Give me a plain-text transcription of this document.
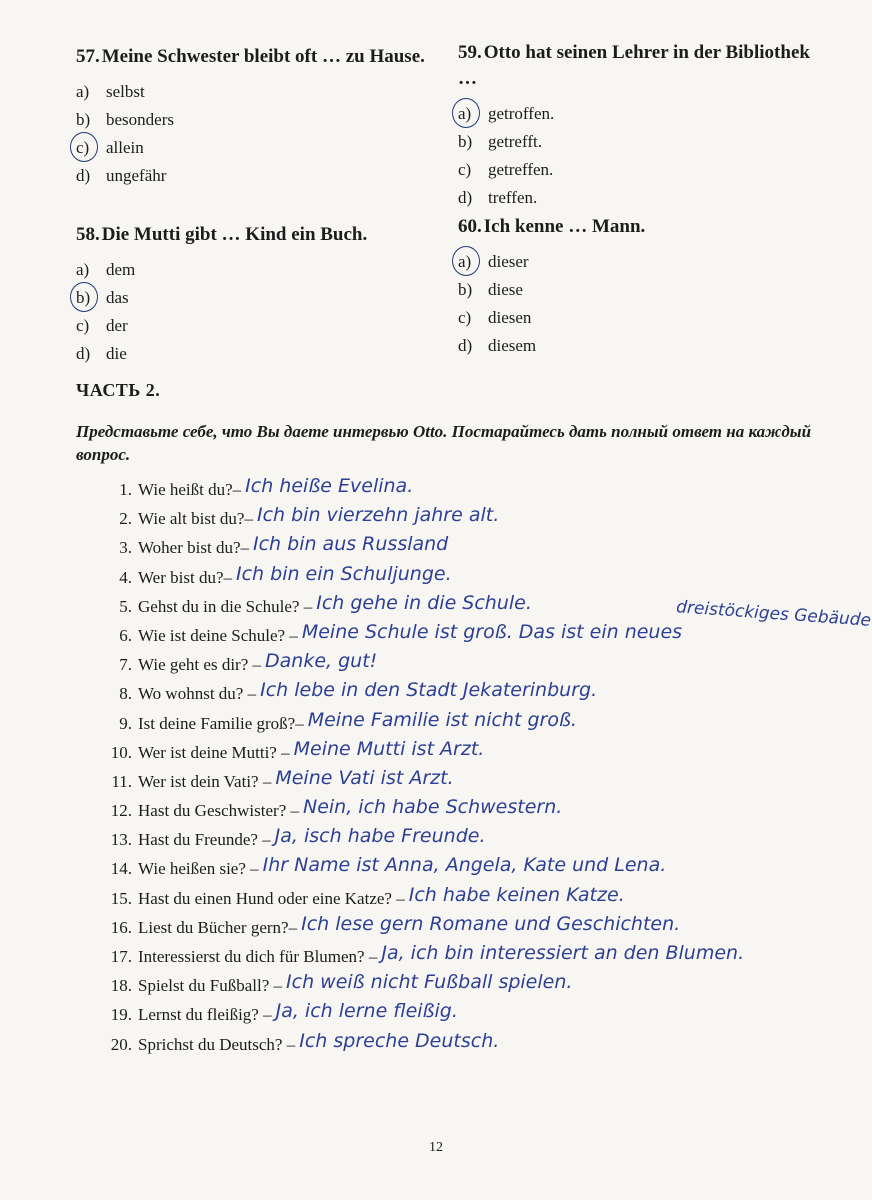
57. Meine Schwester bleibt oft … zu Hause.
a) selbst
b) besonders
c) allein
d) ungefähr
58. Die Mutti gibt … Kind ein Buch.
a) dem
b) das
c) der
d) die
59. Otto hat seinen Lehrer in der Bibliothek …
a) getroffen.
b) getrefft.
c) getreffen.
d) treffen.
60. Ich kenne … Mann.
a) dieser
b) diese
c) diesen
d) diesem
ЧАСТЬ 2.
Представьте себе, что Вы даете интервью Otto. Постарайтесь дать полный ответ на каждый вопрос.
1. Wie heißt du?– Ich heiße Evelina.
2. Wie alt bist du?– Ich bin vierzehn jahre alt.
3. Woher bist du?– Ich bin aus Russland
4. Wer bist du?– Ich bin ein Schuljunge.
5. Gehst du in die Schule? – Ich gehe in die Schule.
6. Wie ist deine Schule? – Meine Schule ist groß. Das ist ein neues
7. Wie geht es dir? – Danke, gut!
8. Wo wohnst du? – Ich lebe in den Stadt Jekaterinburg.
9. Ist deine Familie groß?– Meine Familie ist nicht groß.
10. Wer ist deine Mutti? – Meine Mutti ist Arzt.
11. Wer ist dein Vati? – Meine Vati ist Arzt.
12. Hast du Geschwister? – Nein, ich habe Schwestern.
13. Hast du Freunde? – Ja, isch habe Freunde.
14. Wie heißen sie? – Ihr Name ist Anna, Angela, Kate und Lena.
15. Hast du einen Hund oder eine Katze? – Ich habe keinen Katze.
16. Liest du Bücher gern?– Ich lese gern Romane und Geschichten.
17. Interessierst du dich für Blumen? – Ja, ich bin interessiert an den Blumen.
18. Spielst du Fußball? – Ich weiß nicht Fußball spielen.
19. Lernst du fleißig? – Ja, ich lerne fleißig.
20. Sprichst du Deutsch? – Ich spreche Deutsch.
dreistöckiges Gebäude
12
